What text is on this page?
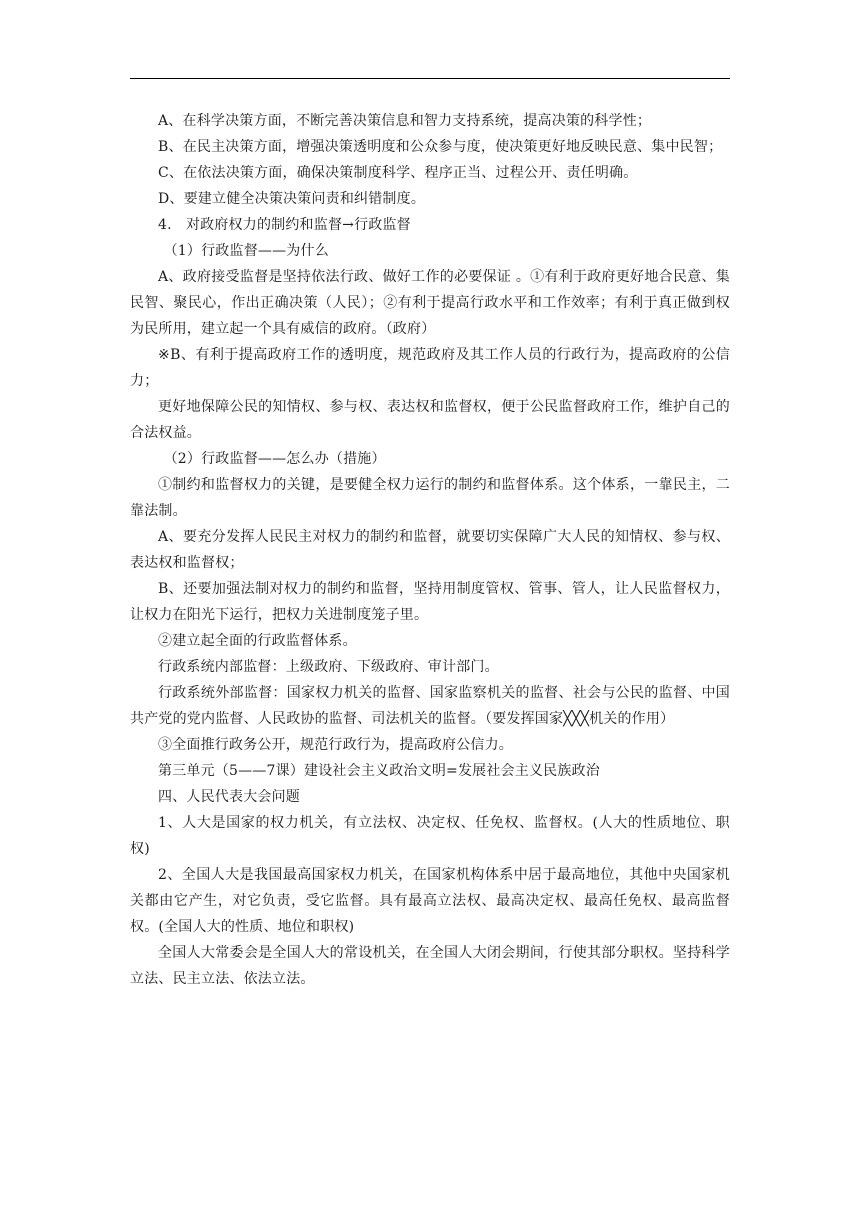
A、在科学决策方面，不断完善决策信息和智力支持系统，提高决策的科学性；

B、在民主决策方面，增强决策透明度和公众参与度，使决策更好地反映民意、集中民智；

C、在依法决策方面，确保决策制度科学、程序正当、过程公开、责任明确。

D、要建立健全决策决策问责和纠错制度。

4.　对政府权力的制约和监督→行政监督

（1）行政监督——为什么

A、政府接受监督是坚持依法行政、做好工作的必要保证 。①有利于政府更好地合民意、集民智、聚民心，作出正确决策（人民）；②有利于提高行政水平和工作效率；有利于真正做到权为民所用，建立起一个具有威信的政府。（政府）

※B、有利于提高政府工作的透明度，规范政府及其工作人员的行政行为，提高政府的公信力；

更好地保障公民的知情权、参与权、表达权和监督权，便于公民监督政府工作，维护自己的合法权益。

（2）行政监督——怎么办（措施）

①制约和监督权力的关键，是要健全权力运行的制约和监督体系。这个体系，一靠民主，二靠法制。

A、要充分发挥人民民主对权力的制约和监督，就要切实保障广大人民的知情权、参与权、表达权和监督权；

B、还要加强法制对权力的制约和监督，坚持用制度管权、管事、管人，让人民监督权力，让权力在阳光下运行，把权力关进制度笼子里。

②建立起全面的行政监督体系。

行政系统内部监督：上级政府、下级政府、审计部门。

行政系统外部监督：国家权力机关的监督、国家监察机关的监督、社会与公民的监督、中国共产党的党内监督、人民政协的监督、司法机关的监督。（要发挥国家╳╳╳机关的作用）

③全面推行政务公开，规范行政行为，提高政府公信力。

第三单元（5——7课）建设社会主义政治文明=发展社会主义民族政治

四、人民代表大会问题

1、人大是国家的权力机关，有立法权、决定权、任免权、监督权。(人大的性质地位、职权)

2、全国人大是我国最高国家权力机关，在国家机构体系中居于最高地位，其他中央国家机关都由它产生，对它负责，受它监督。具有最高立法权、最高决定权、最高任免权、最高监督权。(全国人大的性质、地位和职权)

全国人大常委会是全国人大的常设机关，在全国人大闭会期间，行使其部分职权。坚持科学立法、民主立法、依法立法。
